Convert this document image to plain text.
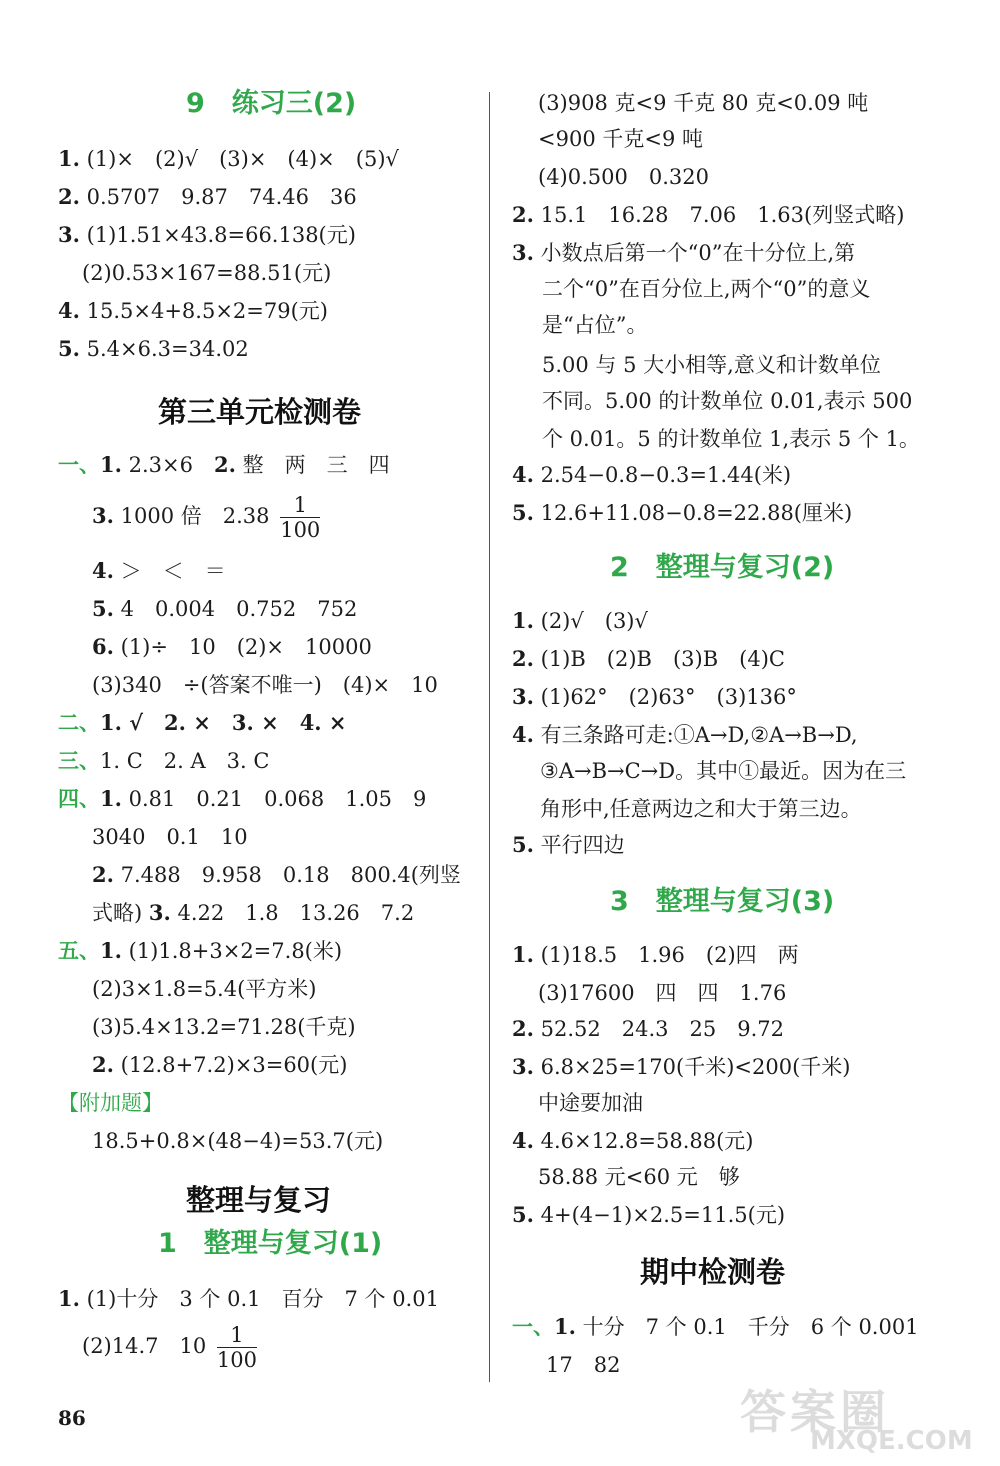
9　练习三(2)
1. (1)×　(2)√　(3)×　(4)×　(5)√
2. 0.5707　9.87　74.46　36
3. (1)1.51×43.8=66.138(元)
(2)0.53×167=88.51(元)
4. 15.5×4+8.5×2=79(元)
5. 5.4×6.3=34.02
第三单元检测卷
一、1. 2.3×6　 2. 整　两　三　四
3. 1000 倍　$2.38 \frac{1}{100}$
4. ＞　＜　＝
5. 4　0.004　0.752　752
6. (1)÷　10　(2)×　10000
(3)340　÷(答案不唯一)　(4)×　10
二、1. √　2. ×　3. ×　4. ×
三、1. C　2. A　3. C
四、1. 0.81　0.21　0.068　1.05　9
3040　0.1　10
2. 7.488　9.958　0.18　800.4(列竖
式略) 3. 4.22　1.8　13.26　7.2
五、1. (1)1.8+3×2=7.8(米)
(2)3×1.8=5.4(平方米)
(3)5.4×13.2=71.28(千克)
2. (12.8+7.2)×3=60(元)
【附加题】
18.5+0.8×(48−4)=53.7(元)
整理与复习
1　整理与复习(1)
1. (1)十分　3 个 0.1　百分　7 个 0.01
(2)14.7　$10 \frac{1}{100}$
(3)908 克<9 千克 80 克<0.09 吨
<900 千克<9 吨
(4)0.500　0.320
2. 15.1　16.28　7.06　1.63(列竖式略)
3. 小数点后第一个“0”在十分位上,第
二个“0”在百分位上,两个“0”的意义
是“占位”。
5.00 与 5 大小相等,意义和计数单位
不同。5.00 的计数单位 0.01,表示 500
个 0.01。5 的计数单位 1,表示 5 个 1。
4. 2.54−0.8−0.3=1.44(米)
5. 12.6+11.08−0.8=22.88(厘米)
2　整理与复习(2)
1. (2)√　(3)√
2. (1)B　(2)B　(3)B　(4)C
3. (1)62°　(2)63°　(3)136°
4. 有三条路可走:①A→D,②A→B→D,
③A→B→C→D。其中①最近。因为在三
角形中,任意两边之和大于第三边。
5. 平行四边
3　整理与复习(3)
1. (1)18.5　1.96　(2)四　两
(3)17600　四　四　1.76
2. 52.52　24.3　25　9.72
3. 6.8×25=170(千米)<200(千米)
中途要加油
4. 4.6×12.8=58.88(元)
58.88 元<60 元　够
5. 4+(4−1)×2.5=11.5(元)
期中检测卷
一、1. 十分　7 个 0.1　千分　6 个 0.001
17　82
86	答案圈
MXQE.COM
